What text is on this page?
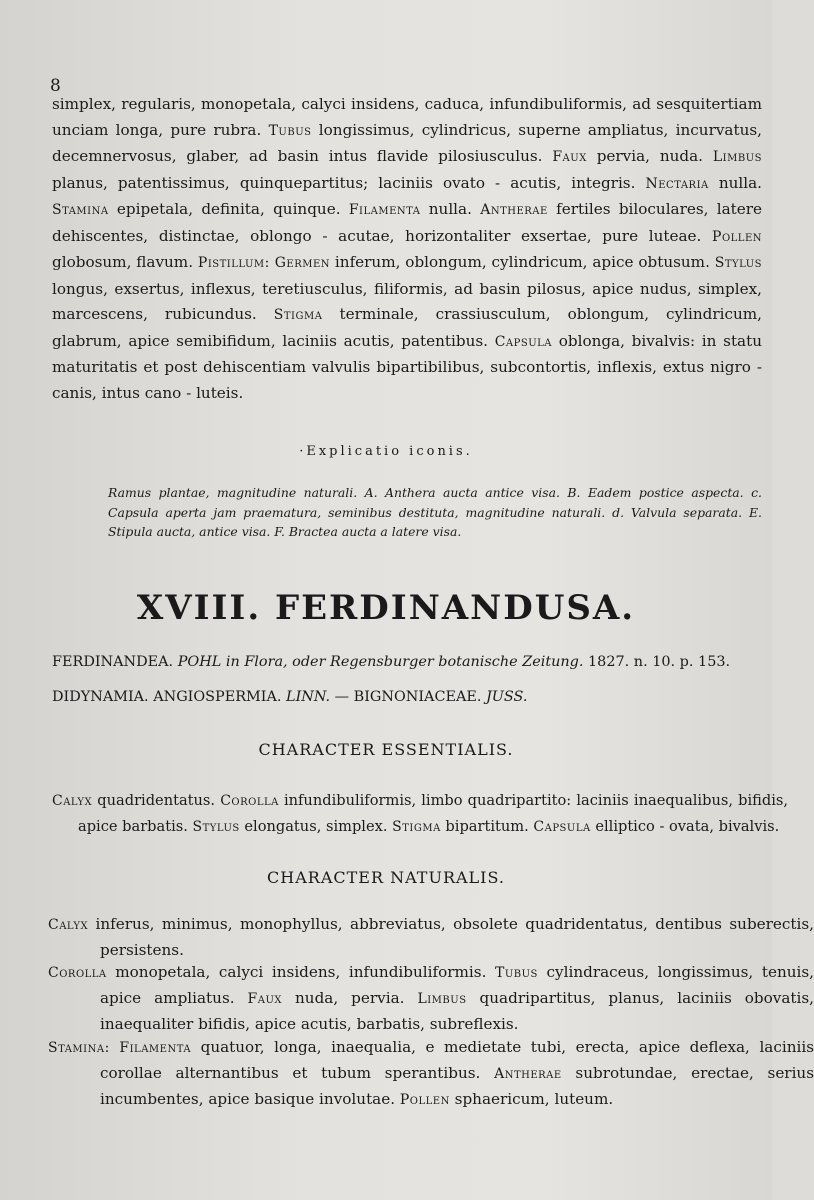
8
simplex, regularis, monopetala, calyci insidens, caduca, infundibuliformis, ad sesquitertiam unciam longa, pure rubra. Tubus longissimus, cylindricus, superne ampliatus, incurvatus, decemnervosus, glaber, ad basin intus flavide pilosiusculus. Faux pervia, nuda. Limbus planus, patentissimus, quinquepartitus; laciniis ovato - acutis, integris. Nectaria nulla. Stamina epipetala, definita, quinque. Filamenta nulla. Antherae fertiles biloculares, latere dehiscentes, distinctae, oblongo - acutae, horizontaliter exsertae, pure luteae. Pollen globosum, flavum. Pistillum: Germen inferum, oblongum, cylindricum, apice obtusum. Stylus longus, exsertus, inflexus, teretiusculus, filiformis, ad basin pilosus, apice nudus, simplex, marcescens, rubicundus. Stigma terminale, crassiusculum, oblongum, cylindricum, glabrum, apice semibifidum, laciniis acutis, patentibus. Capsula oblonga, bivalvis: in statu maturitatis et post dehiscentiam valvulis bipartibilibus, subcontortis, inflexis, extus nigro - canis, intus cano - luteis.
·Explicatio iconis.
Ramus plantae, magnitudine naturali. A. Anthera aucta antice visa. B. Eadem postice aspecta. c. Capsula aperta jam praematura, seminibus destituta, magnitudine naturali. d. Valvula separata. E. Stipula aucta, antice visa. F. Bractea aucta a latere visa.
XVIII. FERDINANDUSA.
FERDINANDEA. POHL in Flora, oder Regensburger botanische Zeitung. 1827. n. 10. p. 153.
DIDYNAMIA. ANGIOSPERMIA. LINN. — BIGNONIACEAE. JUSS.
CHARACTER ESSENTIALIS.
Calyx quadridentatus. Corolla infundibuliformis, limbo quadripartito: laciniis inaequalibus, bifidis, apice barbatis. Stylus elongatus, simplex. Stigma bipartitum. Capsula elliptico - ovata, bivalvis.
CHARACTER NATURALIS.
Calyx inferus, minimus, monophyllus, abbreviatus, obsolete quadridentatus, dentibus suberectis, persistens.
Corolla monopetala, calyci insidens, infundibuliformis. Tubus cylindraceus, longissimus, tenuis, apice ampliatus. Faux nuda, pervia. Limbus quadripartitus, planus, laciniis obovatis, inaequaliter bifidis, apice acutis, barbatis, subreflexis.
Stamina: Filamenta quatuor, longa, inaequalia, e medietate tubi, erecta, apice deflexa, laciniis corollae alternantibus et tubum sperantibus. Antherae subrotundae, erectae, serius incumbentes, apice basique involutae. Pollen sphaericum, luteum.
